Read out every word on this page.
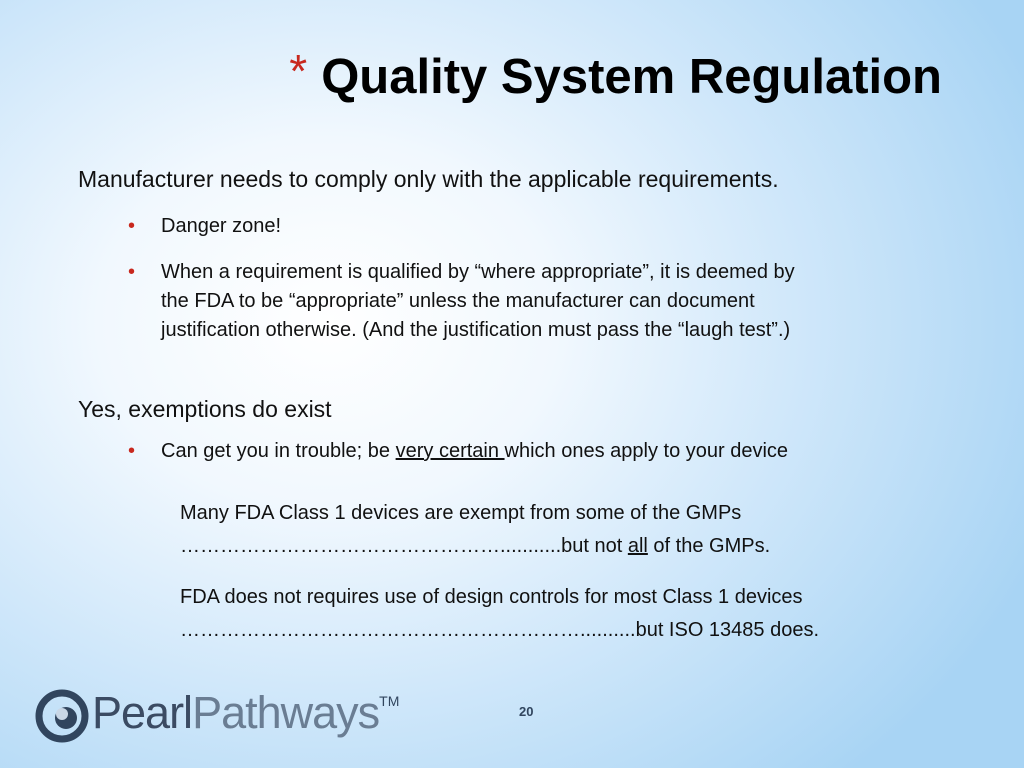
* Quality System Regulation

Manufacturer needs to comply only with the applicable requirements.

• Danger zone!
• When a requirement is qualified by “where appropriate”, it is deemed by
the FDA to be “appropriate” unless the manufacturer can document
justification otherwise. (And the justification must pass the “laugh test”.)

Yes, exemptions do exist

• Can get you in trouble; be very certain which ones apply to your device
Many FDA Class 1 devices are exempt from some of the GMPs
…………………………………………...........but not all of the GMPs.
FDA does not requires use of design controls for most Class 1 devices
……………………………………………………..........but ISO 13485 does.
PearlPathways™
20
